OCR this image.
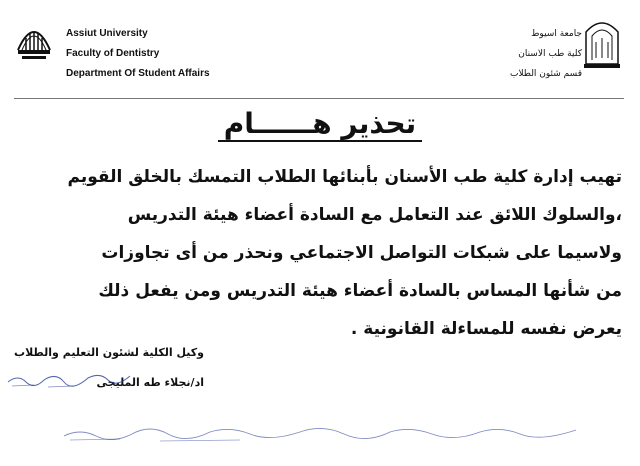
Assiut University
Faculty of Dentistry
Department Of Student Affairs
جامعة اسيوط
كلية طب الاسنان
قسم شئون الطلاب
تحذير هــــــام
تهيب إدارة كلية طب الأسنان بأبنائها الطلاب التمسك بالخلق القويم
،والسلوك اللائق عند التعامل مع السادة أعضاء هيئة التدريس
ولاسيما على شبكات التواصل الاجتماعي ونحذر من أى تجاوزات
من شأنها المساس بالسادة أعضاء هيئة التدريس ومن يفعل ذلك
يعرض نفسه للمساءلة القانونية .
وكيل الكلية لشئون التعليم والطلاب
اد/نجلاء طه المليجى
